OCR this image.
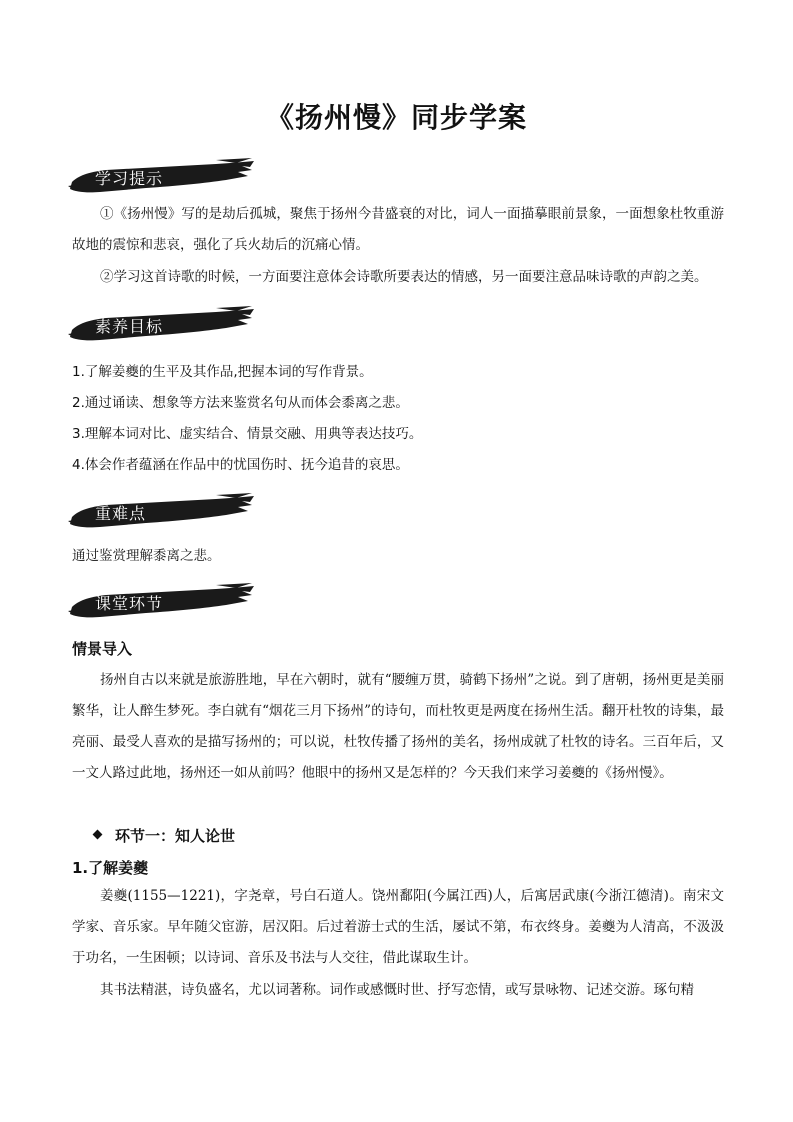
《扬州慢》同步学案
学习提示

①《扬州慢》写的是劫后孤城，聚焦于扬州今昔盛衰的对比，词人一面描摹眼前景象，一面想象杜牧重游故地的震惊和悲哀，强化了兵火劫后的沉痛心情。

②学习这首诗歌的时候，一方面要注意体会诗歌所要表达的情感，另一面要注意品味诗歌的声韵之美。

素养目标

1.了解姜夔的生平及其作品,把握本词的写作背景。

2.通过诵读、想象等方法来鉴赏名句从而体会黍离之悲。

3.理解本词对比、虚实结合、情景交融、用典等表达技巧。

4.体会作者蕴涵在作品中的忧国伤时、抚今追昔的哀思。

重难点

通过鉴赏理解黍离之悲。

课堂环节

情景导入

扬州自古以来就是旅游胜地，早在六朝时，就有“腰缠万贯，骑鹤下扬州”之说。到了唐朝，扬州更是美丽繁华，让人醉生梦死。李白就有“烟花三月下扬州”的诗句，而杜牧更是两度在扬州生活。翻开杜牧的诗集，最亮丽、最受人喜欢的是描写扬州的；可以说，杜牧传播了扬州的美名，扬州成就了杜牧的诗名。三百年后，又一文人路过此地，扬州还一如从前吗？他眼中的扬州又是怎样的？今天我们来学习姜夔的《扬州慢》。

环节一：知人论世

1.了解姜夔

姜夔(1155—1221)，字尧章，号白石道人。饶州鄱阳(今属江西)人，后寓居武康(今浙江德清)。南宋文学家、音乐家。早年随父宦游，居汉阳。后过着游士式的生活，屡试不第，布衣终身。姜夔为人清高，不汲汲于功名，一生困顿；以诗词、音乐及书法与人交往，借此谋取生计。

其书法精湛，诗负盛名，尤以词著称。词作或感慨时世、抒写恋情，或写景咏物、记述交游。琢句精
